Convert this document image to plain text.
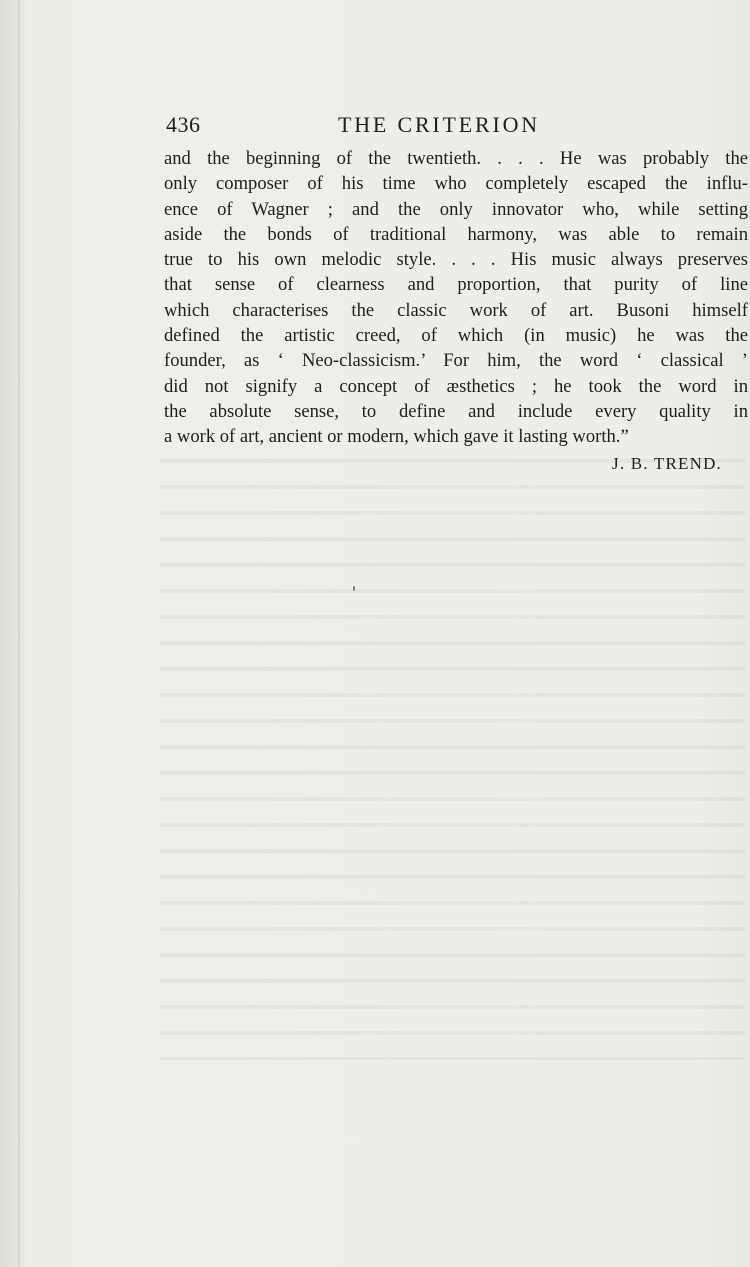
436	THE CRITERION

and the beginning of the twentieth. . . . He was probably the
only composer of his time who completely escaped the influ-
ence of Wagner ; and the only innovator who, while setting
aside the bonds of traditional harmony, was able to remain
true to his own melodic style. . . . His music always preserves
that sense of clearness and proportion, that purity of line
which characterises the classic work of art. Busoni himself
defined the artistic creed, of which (in music) he was the
founder, as ‘ Neo-classicism.’ For him, the word ‘ classical ’
did not signify a concept of æsthetics ; he took the word in
the absolute sense, to define and include every quality in
a work of art, ancient or modern, which gave it lasting worth.”

J. B. TREND.
